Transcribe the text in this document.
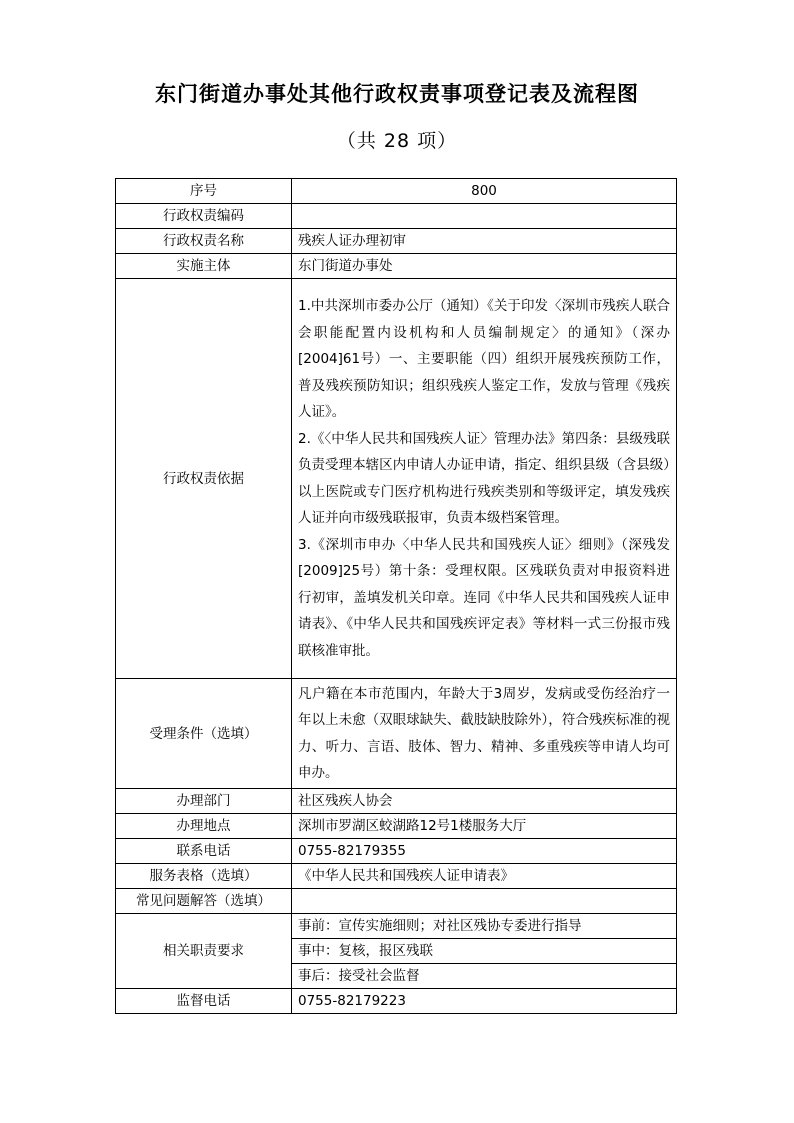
东门街道办事处其他行政权责事项登记表及流程图
（共 28 项）
序号	800
行政权责编码	
行政权责名称	残疾人证办理初审
实施主体	东门街道办事处
行政权责依据	1.中共深圳市委办公厅（通知）《关于印发〈深圳市残疾人联合会职能配置内设机构和人员编制规定〉的通知》（深办[2004]61号）一、主要职能（四）组织开展残疾预防工作，普及残疾预防知识；组织残疾人鉴定工作，发放与管理《残疾人证》。

2.《〈中华人民共和国残疾人证〉管理办法》第四条：县级残联负责受理本辖区内申请人办证申请，指定、组织县级（含县级）以上医院或专门医疗机构进行残疾类别和等级评定，填发残疾人证并向市级残联报审，负责本级档案管理。

3.《深圳市申办〈中华人民共和国残疾人证〉细则》（深残发[2009]25号）第十条：受理权限。区残联负责对申报资料进行初审，盖填发机关印章。连同《中华人民共和国残疾人证申请表》、《中华人民共和国残疾评定表》等材料一式三份报市残联核准审批。

受理条件（选填）	凡户籍在本市范围内，年龄大于3周岁，发病或受伤经治疗一年以上未愈（双眼球缺失、截肢缺肢除外），符合残疾标准的视力、听力、言语、肢体、智力、精神、多重残疾等申请人均可申办。

办理部门	社区残疾人协会
办理地点	深圳市罗湖区蛟湖路12号1楼服务大厅
联系电话	0755-82179355
服务表格（选填）	《中华人民共和国残疾人证申请表》
常见问题解答（选填）	
相关职责要求	事前：宣传实施细则；对社区残协专委进行指导
	事中：复核，报区残联
	事后：接受社会监督
监督电话	0755-82179223
